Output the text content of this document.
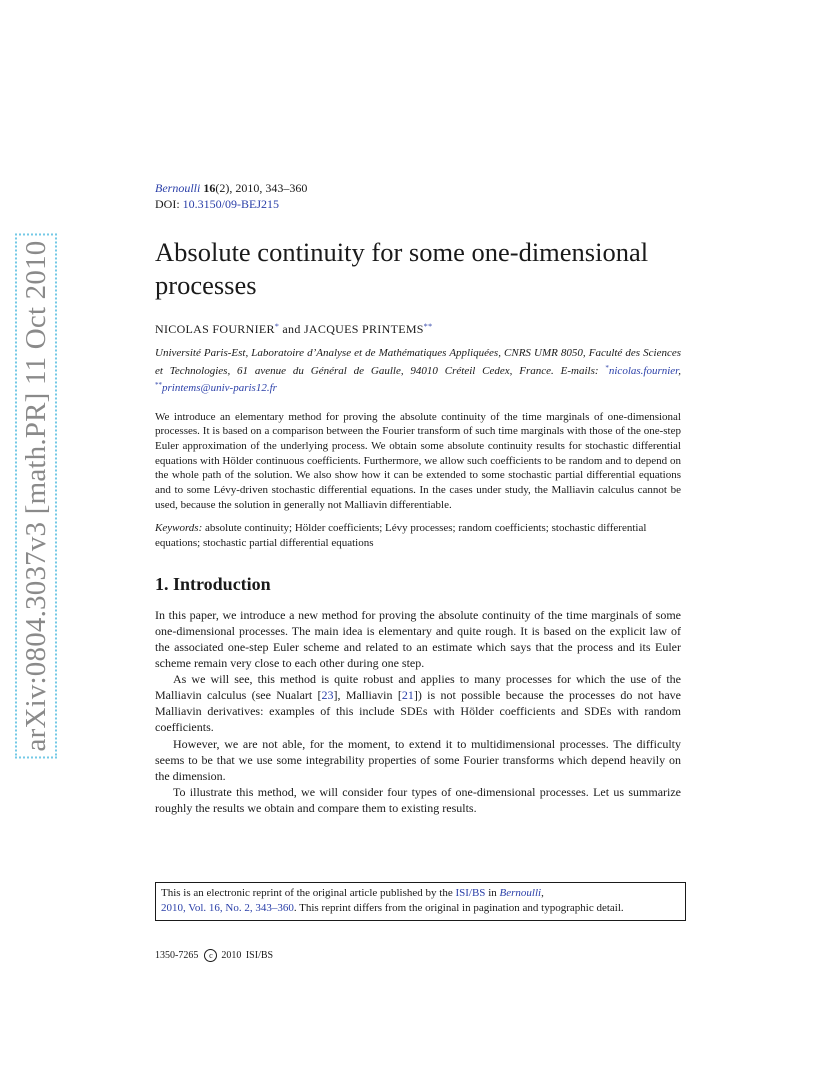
arXiv:0804.3037v3 [math.PR] 11 Oct 2010
Bernoulli 16(2), 2010, 343–360
DOI: 10.3150/09-BEJ215
Absolute continuity for some one-dimensional processes
NICOLAS FOURNIER* and JACQUES PRINTEMS**
Université Paris-Est, Laboratoire d’Analyse et de Mathématiques Appliquées, CNRS UMR 8050, Faculté des Sciences et Technologies, 61 avenue du Général de Gaulle, 94010 Créteil Cedex, France. E-mails: *nicolas.fournier, **printems@univ-paris12.fr
We introduce an elementary method for proving the absolute continuity of the time marginals of one-dimensional processes. It is based on a comparison between the Fourier transform of such time marginals with those of the one-step Euler approximation of the underlying process. We obtain some absolute continuity results for stochastic differential equations with Hölder continuous coefficients. Furthermore, we allow such coefficients to be random and to depend on the whole path of the solution. We also show how it can be extended to some stochastic partial differential equations and to some Lévy-driven stochastic differential equations. In the cases under study, the Malliavin calculus cannot be used, because the solution in generally not Malliavin differentiable.
Keywords: absolute continuity; Hölder coefficients; Lévy processes; random coefficients; stochastic differential equations; stochastic partial differential equations
1. Introduction

In this paper, we introduce a new method for proving the absolute continuity of the time marginals of some one-dimensional processes. The main idea is elementary and quite rough. It is based on the explicit law of the associated one-step Euler scheme and related to an estimate which says that the process and its Euler scheme remain very close to each other during one step.

As we will see, this method is quite robust and applies to many processes for which the use of the Malliavin calculus (see Nualart [23], Malliavin [21]) is not possible because the processes do not have Malliavin derivatives: examples of this include SDEs with Hölder coefficients and SDEs with random coefficients.

However, we are not able, for the moment, to extend it to multidimensional processes. The difficulty seems to be that we use some integrability properties of some Fourier transforms which depend heavily on the dimension.

To illustrate this method, we will consider four types of one-dimensional processes. Let us summarize roughly the results we obtain and compare them to existing results.

This is an electronic reprint of the original article published by the ISI/BS in Bernoulli,
2010, Vol. 16, No. 2, 343–360. This reprint differs from the original in pagination and typographic detail.
1350-7265 c 2010 ISI/BS
